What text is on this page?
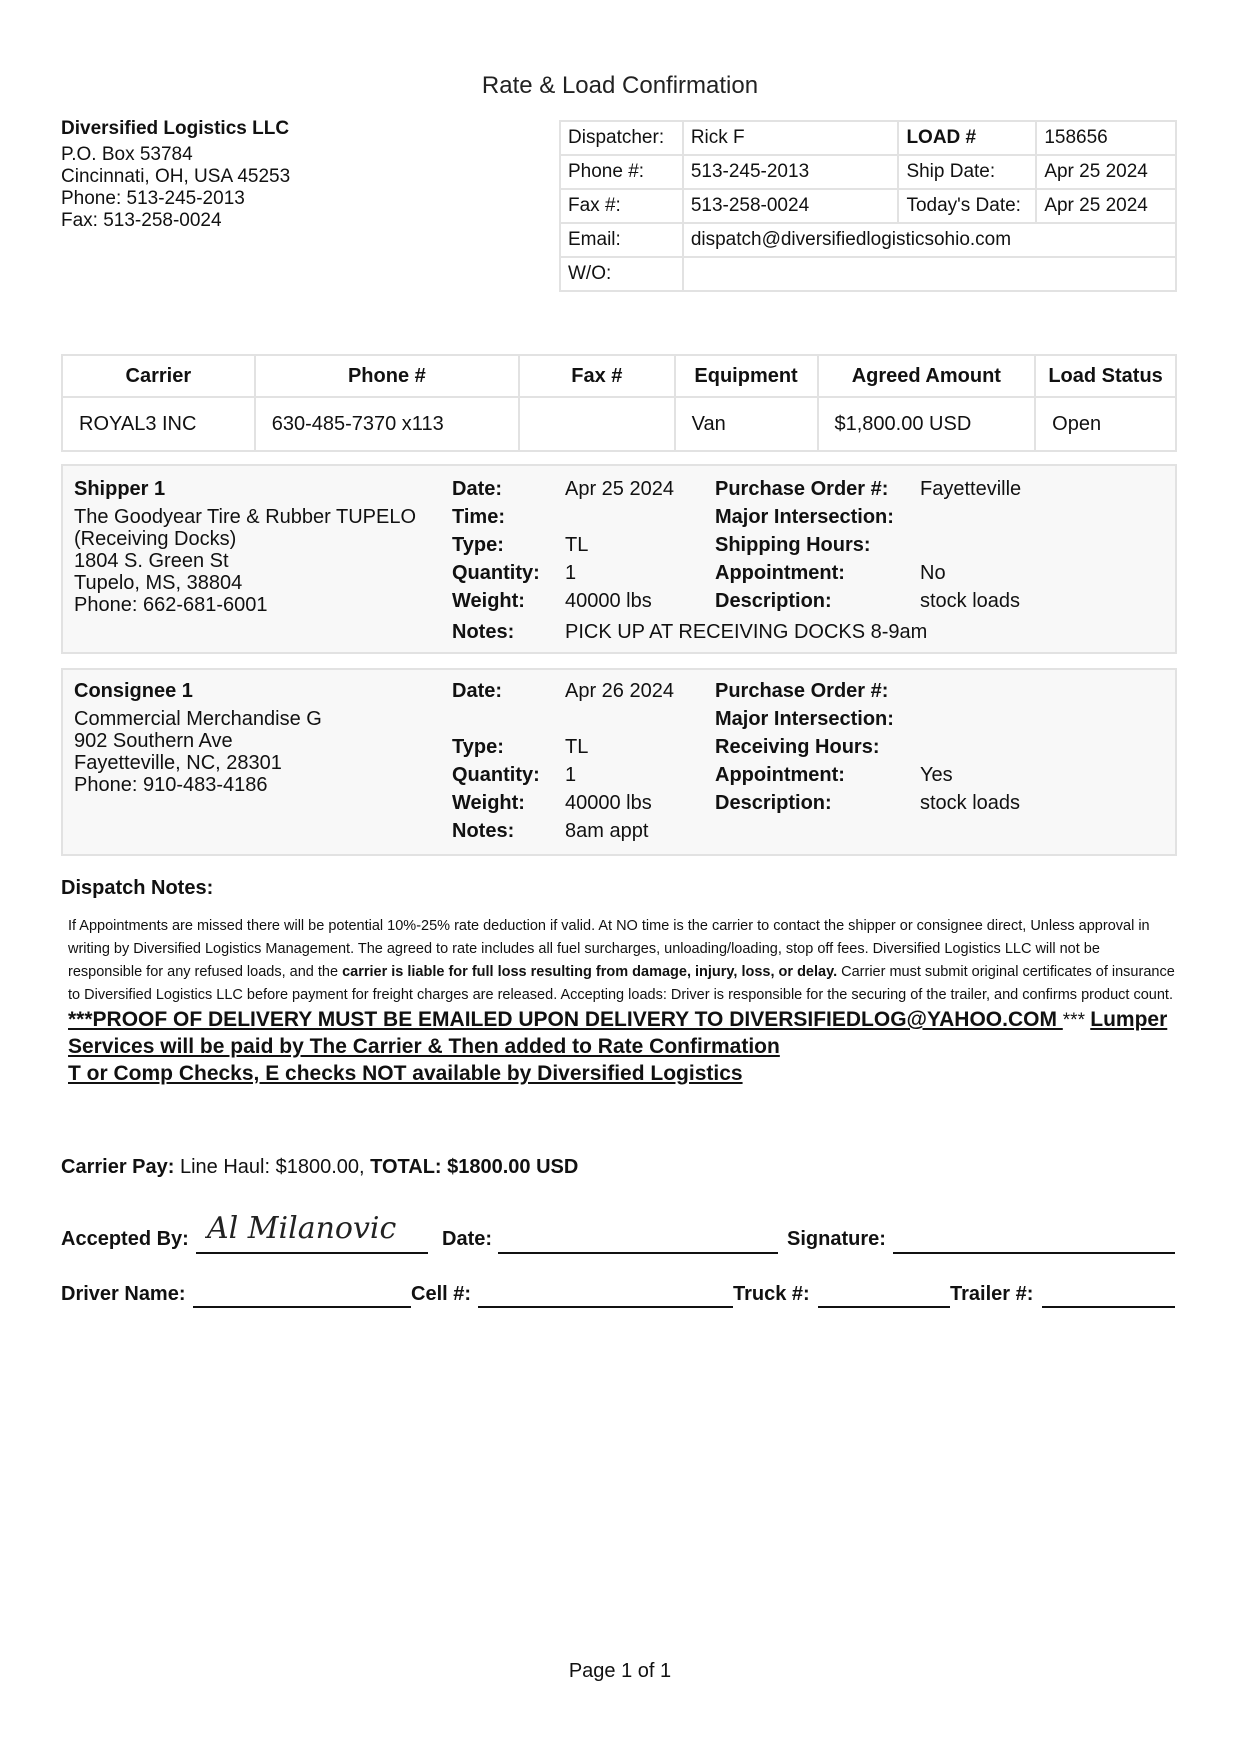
Rate & Load Confirmation
Diversified Logistics LLC
P.O. Box 53784
Cincinnati, OH, USA 45253
Phone: 513-245-2013
Fax: 513-258-0024
Dispatcher:	Rick F	LOAD #	158656
Phone #:	513-245-2013	Ship Date:	Apr 25 2024
Fax #:	513-258-0024	Today's Date:	Apr 25 2024
Email:	dispatch@diversifiedlogisticsohio.com		
W/O:			
Carrier	Phone #	Fax #	Equipment	Agreed Amount	Load Status
ROYAL3 INC	630-485-7370 x113		Van	$1,800.00 USD	Open
Shipper 1
The Goodyear Tire & Rubber TUPELO
(Receiving Docks)
1804 S. Green St
Tupelo, MS, 38804
Phone: 662-681-6001
Date:	Apr 25 2024
Time:
Type:	TL
Quantity: 1
Weight: 40000 lbs
Notes:	PICK UP AT RECEIVING DOCKS 8-9am
Purchase Order #: Fayetteville
Major Intersection:
Shipping Hours:
Appointment:	No
Description:	stock loads
Consignee 1
Commercial Merchandise G
902 Southern Ave
Fayetteville, NC, 28301
Phone: 910-483-4186
Date:	Apr 26 2024
Type:	TL
Quantity: 1
Weight: 40000 lbs
Notes:	8am appt
Purchase Order #:
Major Intersection:
Receiving Hours:
Appointment:	Yes
Description:	stock loads
Dispatch Notes:
If Appointments are missed there will be potential 10%-25% rate deduction if valid. At NO time is the carrier to contact the shipper or consignee direct, Unless approval in writing by Diversified Logistics Management. The agreed to rate includes all fuel surcharges, unloading/loading, stop off fees. Diversified Logistics LLC will not be responsible for any refused loads, and the carrier is liable for full loss resulting from damage, injury, loss, or delay. Carrier must submit original certificates of insurance to Diversified Logistics LLC before payment for freight charges are released. Accepting loads: Driver is responsible for the securing of the trailer, and confirms product count. ***PROOF OF DELIVERY MUST BE EMAILED UPON DELIVERY TO DIVERSIFIEDLOG@YAHOO.COM *** Lumper Services will be paid by The Carrier & Then added to Rate Confirmation
T or Comp Checks, E checks NOT available by Diversified Logistics
Carrier Pay: Line Haul: $1800.00, TOTAL: $1800.00 USD
Accepted By: Al Milanovic Date:	Signature:
Driver Name:	Cell #:	Truck #:	Trailer #:
Page 1 of 1
